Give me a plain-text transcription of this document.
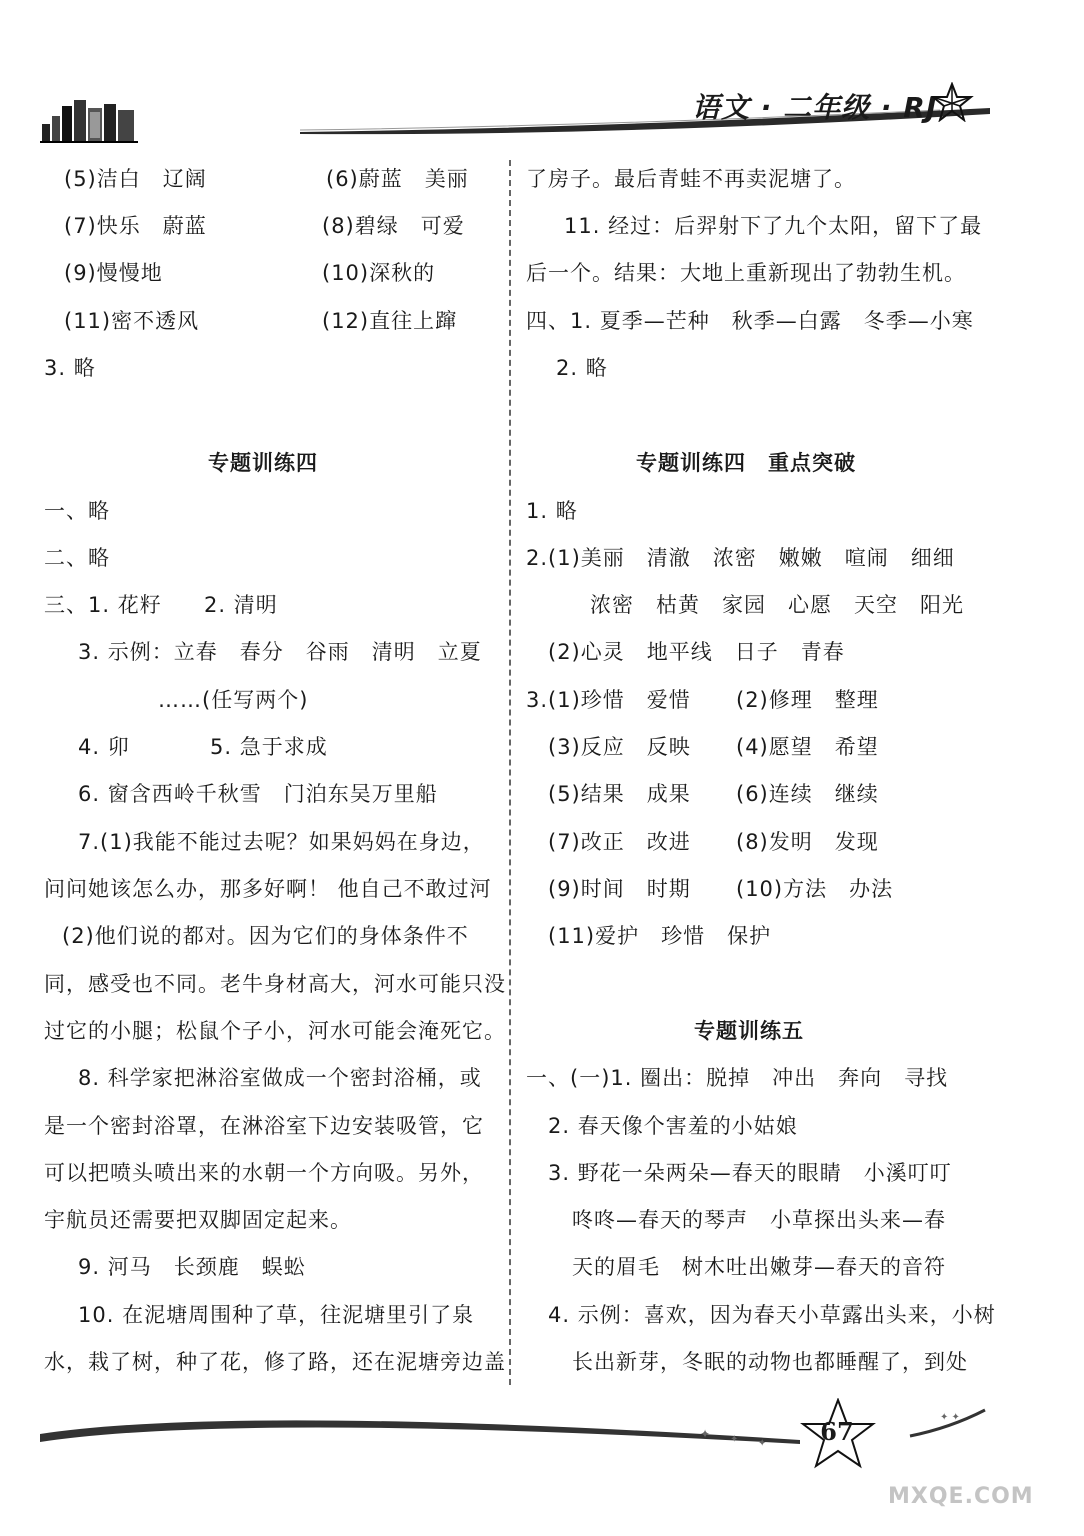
语文 · 二年级 · RJ
(5)洁白　辽阔	(6)蔚蓝　美丽
(7)快乐　蔚蓝	(8)碧绿　可爱
(9)慢慢地	(10)深秋的
(11)密不透风	(12)直往上蹿
3. 略
专题训练四
一、略
二、略
三、1. 花籽 2. 清明
3. 示例：立春　春分　谷雨　清明　立夏
……(任写两个)
4. 卯	5. 急于求成
6. 窗含西岭千秋雪　门泊东吴万里船
7.(1)我能不能过去呢？如果妈妈在身边，
问问她该怎么办，那多好啊！ 他自己不敢过河
(2)他们说的都对。因为它们的身体条件不
同，感受也不同。老牛身材高大，河水可能只没
过它的小腿；松鼠个子小，河水可能会淹死它。
8. 科学家把淋浴室做成一个密封浴桶，或
是一个密封浴罩，在淋浴室下边安装吸管，它
可以把喷头喷出来的水朝一个方向吸。另外，
宇航员还需要把双脚固定起来。
9. 河马　长颈鹿　蜈蚣
10. 在泥塘周围种了草，往泥塘里引了泉
水，栽了树，种了花，修了路，还在泥塘旁边盖
了房子。最后青蛙不再卖泥塘了。
11. 经过：后羿射下了九个太阳，留下了最
后一个。结果：大地上重新现出了勃勃生机。
四、1. 夏季—芒种　秋季—白露　冬季—小寒
2. 略
专题训练四　重点突破
1. 略
2.(1)美丽　清澈　浓密　嫩嫩　喧闹　细细
浓密　枯黄　家园　心愿　天空　阳光
(2)心灵　地平线　日子　青春
3.(1)珍惜　爱惜 (2)修理　整理
(3)反应　反映 (4)愿望　希望
(5)结果　成果 (6)连续　继续
(7)改正　改进 (8)发明　发现
(9)时间　时期 (10)方法　办法
(11)爱护　珍惜　保护
专题训练五
一、(一)1. 圈出：脱掉　冲出　奔向　寻找
2. 春天像个害羞的小姑娘
3. 野花一朵两朵—春天的眼睛　小溪叮叮
咚咚—春天的琴声　小草探出头来—春
天的眉毛　树木吐出嫩芽—春天的音符
4. 示例：喜欢，因为春天小草露出头来，小树
长出新芽，冬眠的动物也都睡醒了，到处
✦ ✦ ✦
✦ ✦
67
MXQE.COM
